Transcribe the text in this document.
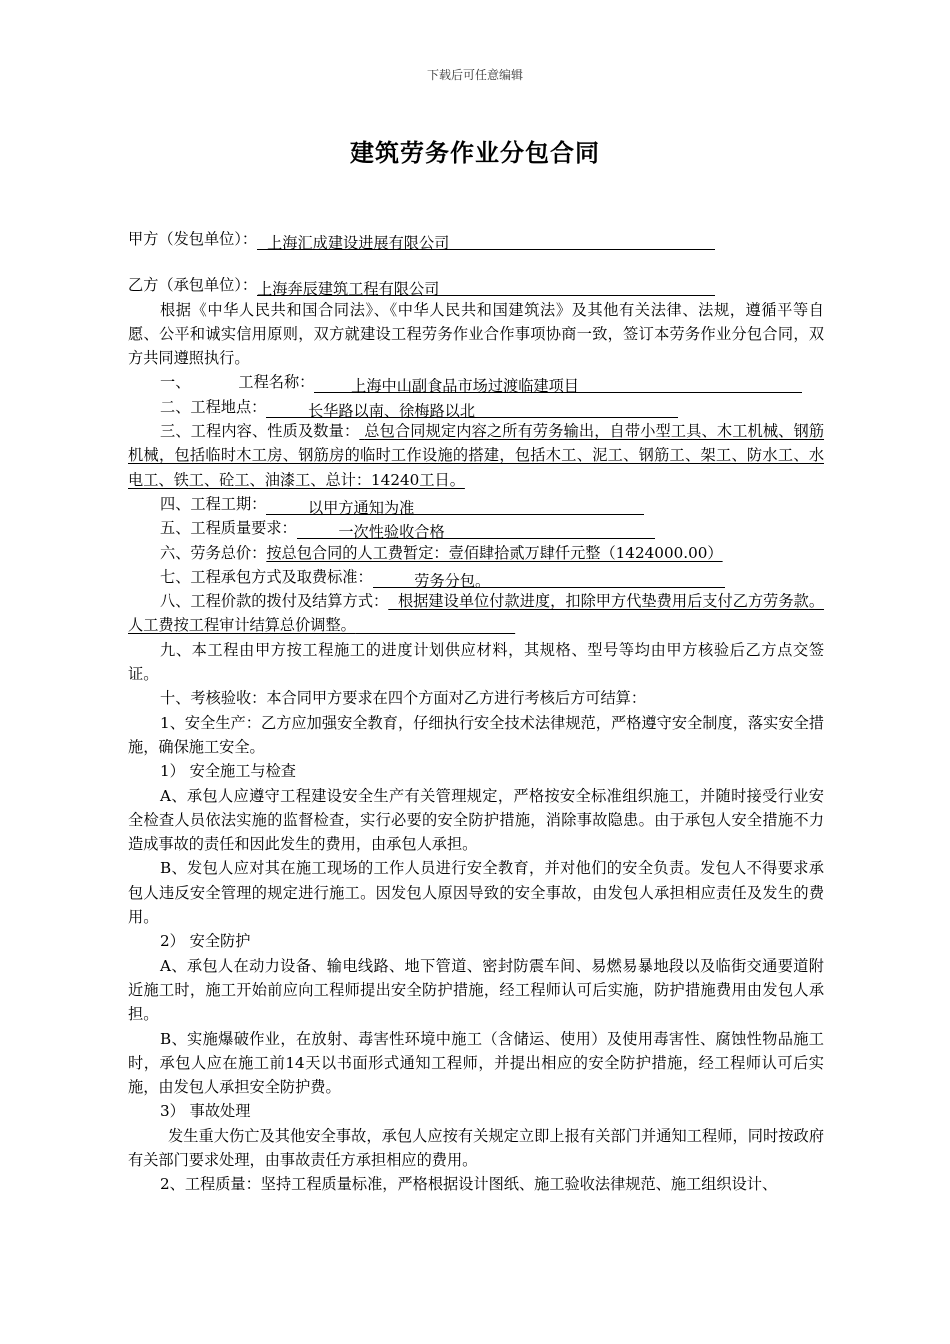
下载后可任意编辑
建筑劳务作业分包合同
甲方（发包单位）： 上海汇成建设进展有限公司
乙方（承包单位）：上海奔辰建筑工程有限公司
根据《中华人民共和国合同法》、《中华人民共和国建筑法》及其他有关法律、法规，遵循平等自愿、公平和诚实信用原则，双方就建设工程劳务作业合作事项协商一致，签订本劳务作业分包合同，双方共同遵照执行。
一、	工程名称： 上海中山副食品市场过渡临建项目
二、工程地点：	长华路以南、徐梅路以北
三、工程内容、性质及数量： 总包合同规定内容之所有劳务输出，自带小型工具、木工机械、钢筋机械，包括临时木工房、钢筋房的临时工作设施的搭建，包括木工、泥工、钢筋工、架工、防水工、水电工、铁工、砼工、油漆工、总计：14240工日。
四、工程工期：	以甲方通知为准
五、工程质量要求：	一次性验收合格
六、劳务总价：按总包合同的人工费暂定：壹佰肆拾贰万肆仟元整（1424000.00）
七、工程承包方式及取费标准：	劳务分包。
八、工程价款的拨付及结算方式： 根据建设单位付款进度，扣除甲方代垫费用后支付乙方劳务款。人工费按工程审计结算总价调整。
九、本工程由甲方按工程施工的进度计划供应材料，其规格、型号等均由甲方核验后乙方点交签证。
十、考核验收：本合同甲方要求在四个方面对乙方进行考核后方可结算：
1、安全生产：乙方应加强安全教育，仔细执行安全技术法律规范，严格遵守安全制度，落实安全措施，确保施工安全。
1） 安全施工与检查
A、承包人应遵守工程建设安全生产有关管理规定，严格按安全标准组织施工，并随时接受行业安全检查人员依法实施的监督检查，实行必要的安全防护措施，消除事故隐患。由于承包人安全措施不力造成事故的责任和因此发生的费用，由承包人承担。
B、发包人应对其在施工现场的工作人员进行安全教育，并对他们的安全负责。发包人不得要求承包人违反安全管理的规定进行施工。因发包人原因导致的安全事故，由发包人承担相应责任及发生的费用。
2） 安全防护
A、承包人在动力设备、输电线路、地下管道、密封防震车间、易燃易暴地段以及临街交通要道附近施工时，施工开始前应向工程师提出安全防护措施，经工程师认可后实施，防护措施费用由发包人承担。
B、实施爆破作业，在放射、毒害性环境中施工（含储运、使用）及使用毒害性、腐蚀性物品施工时，承包人应在施工前14天以书面形式通知工程师，并提出相应的安全防护措施，经工程师认可后实施，由发包人承担安全防护费。
3） 事故处理
发生重大伤亡及其他安全事故，承包人应按有关规定立即上报有关部门并通知工程师，同时按政府有关部门要求处理，由事故责任方承担相应的费用。
2、工程质量：坚持工程质量标准，严格根据设计图纸、施工验收法律规范、施工组织设计、
